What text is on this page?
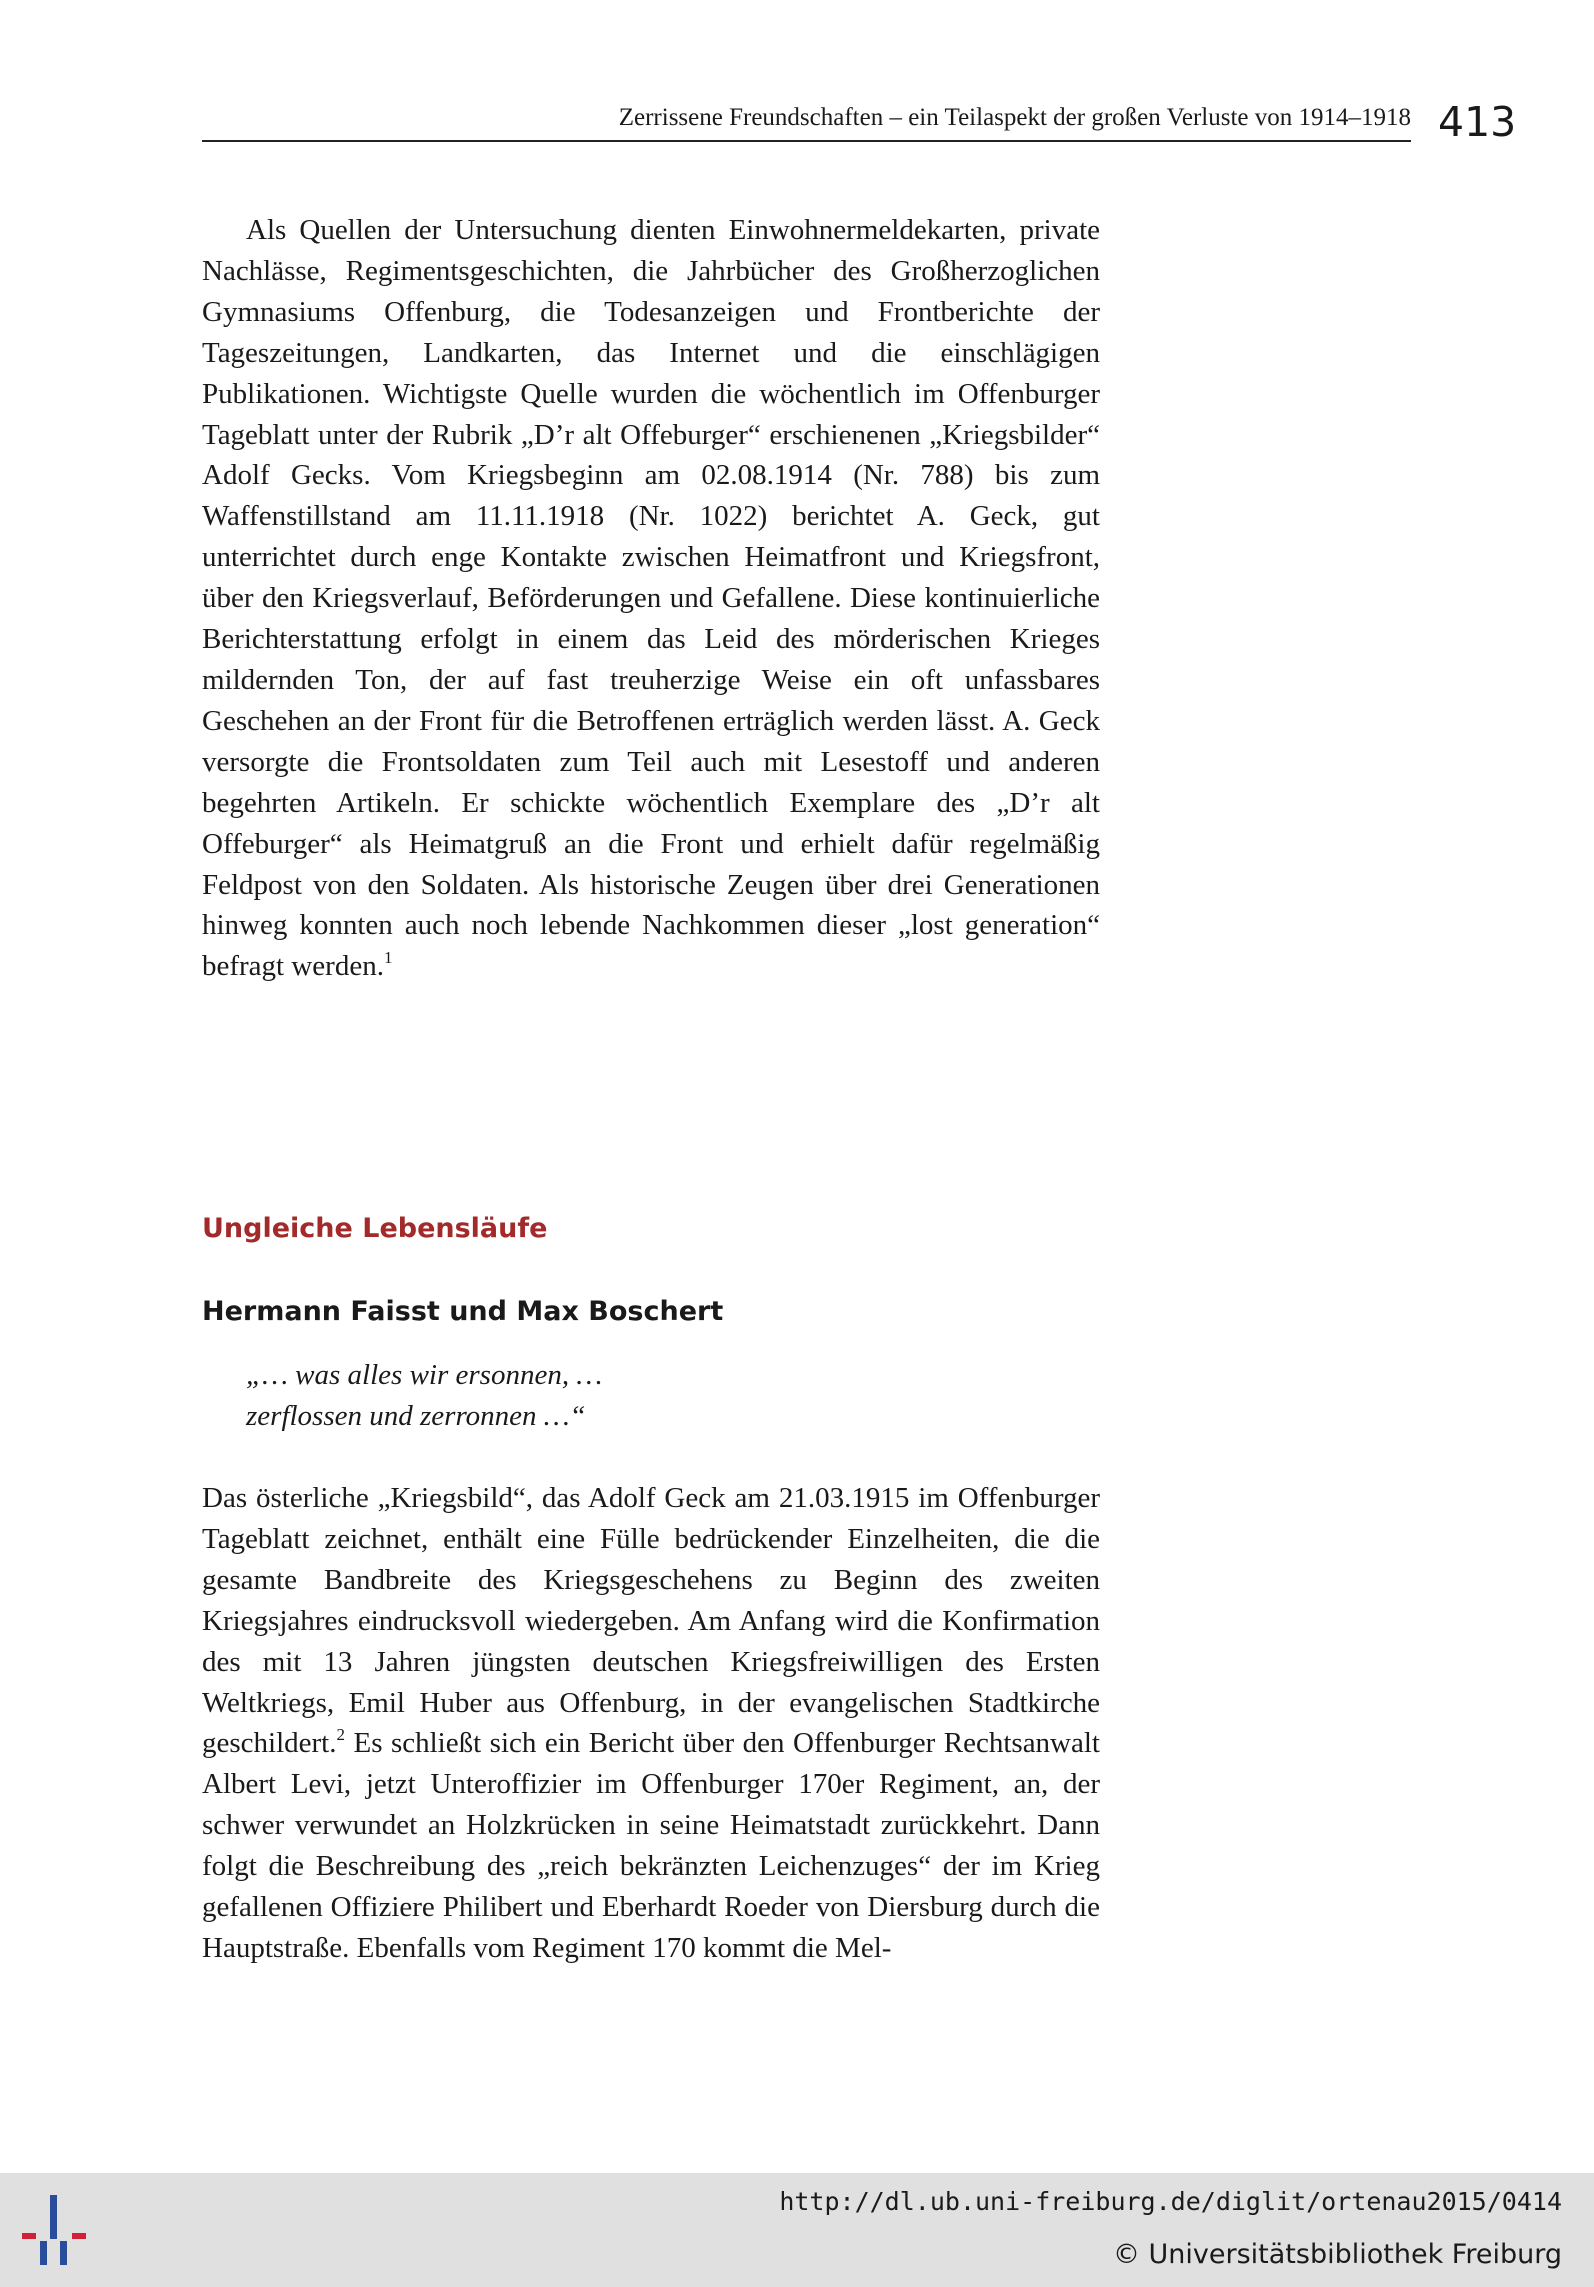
Zerrissene Freundschaften – ein Teilaspekt der großen Verluste von 1914–1918 413

Als Quellen der Untersuchung dienten Einwohnermeldekarten, private Nachlässe, Regimentsgeschichten, die Jahrbücher des Großherzoglichen Gymnasiums Offenburg, die Todesanzeigen und Frontberichte der Tageszeitungen, Landkarten, das Internet und die einschlägigen Publikationen. Wichtigste Quelle wurden die wöchentlich im Offenburger Tageblatt unter der Rubrik „D’r alt Offeburger“ erschienenen „Kriegsbilder“ Adolf Gecks. Vom Kriegsbeginn am 02.08.1914 (Nr. 788) bis zum Waffenstillstand am 11.11.1918 (Nr. 1022) berichtet A. Geck, gut unterrichtet durch enge Kontakte zwischen Heimatfront und Kriegsfront, über den Kriegsverlauf, Beförderungen und Gefallene. Diese kontinuierliche Berichterstattung erfolgt in einem das Leid des mörderischen Krieges mildernden Ton, der auf fast treuherzige Weise ein oft unfassbares Geschehen an der Front für die Betroffenen erträglich werden lässt. A. Geck versorgte die Frontsoldaten zum Teil auch mit Lesestoff und anderen begehrten Artikeln. Er schickte wöchentlich Exemplare des „D’r alt Offeburger“ als Heimatgruß an die Front und erhielt dafür regelmäßig Feldpost von den Soldaten. Als historische Zeugen über drei Generationen hinweg konnten auch noch lebende Nachkommen dieser „lost generation“ befragt werden.$^1$

Ungleiche Lebensläufe
Hermann Faisst und Max Boschert
„… was alles wir ersonnen, …
zerflossen und zerronnen …“

Das österliche „Kriegsbild“, das Adolf Geck am 21.03.1915 im Offenburger Tageblatt zeichnet, enthält eine Fülle bedrückender Einzelheiten, die die gesamte Bandbreite des Kriegsgeschehens zu Beginn des zweiten Kriegsjahres eindrucksvoll wiedergeben. Am Anfang wird die Konfirmation des mit 13 Jahren jüngsten deutschen Kriegsfreiwilligen des Ersten Weltkriegs, Emil Huber aus Offenburg, in der evangelischen Stadtkirche geschildert.$^2$ Es schließt sich ein Bericht über den Offenburger Rechtsanwalt Albert Levi, jetzt Unteroffizier im Offenburger 170er Regiment, an, der schwer verwundet an Holzkrücken in seine Heimatstadt zurückkehrt. Dann folgt die Beschreibung des „reich bekränzten Leichenzuges“ der im Krieg gefallenen Offiziere Philibert und Eberhardt Roeder von Diersburg durch die Hauptstraße. Ebenfalls vom Regiment 170 kommt die Mel-

http://dl.ub.uni-freiburg.de/diglit/ortenau2015/0414
© Universitätsbibliothek Freiburg
